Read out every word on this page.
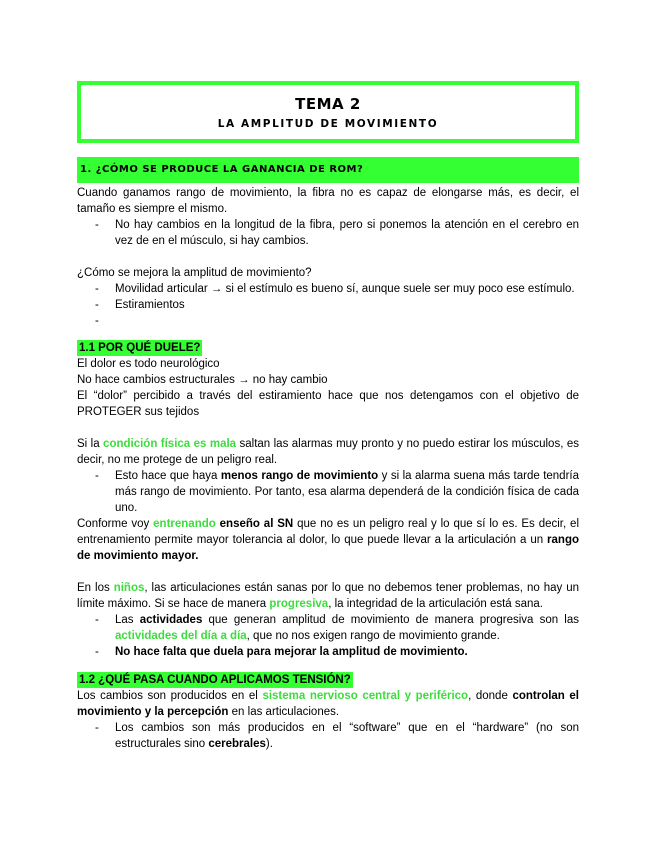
TEMA 2
LA AMPLITUD DE MOVIMIENTO
1. ¿CÓMO SE PRODUCE LA GANANCIA DE ROM?

Cuando ganamos rango de movimiento, la fibra no es capaz de elongarse más, es decir, el tamaño es siempre el mismo.

- No hay cambios en la longitud de la fibra, pero si ponemos la atención en el cerebro en vez de en el músculo, si hay cambios.

¿Cómo se mejora la amplitud de movimiento?

- Movilidad articular → si el estímulo es bueno sí, aunque suele ser muy poco ese estímulo.
- Estiramientos
-
1.1 POR QUÉ DUELE?

El dolor es todo neurológico

No hace cambios estructurales → no hay cambio

El “dolor” percibido a través del estiramiento hace que nos detengamos con el objetivo de PROTEGER sus tejidos

Si la condición física es mala saltan las alarmas muy pronto y no puedo estirar los músculos, es decir, no me protege de un peligro real.

- Esto hace que haya menos rango de movimiento y si la alarma suena más tarde tendría más rango de movimiento. Por tanto, esa alarma dependerá de la condición física de cada uno.

Conforme voy entrenando enseño al SN que no es un peligro real y lo que sí lo es. Es decir, el entrenamiento permite mayor tolerancia al dolor, lo que puede llevar a la articulación a un rango de movimiento mayor.

En los niños, las articulaciones están sanas por lo que no debemos tener problemas, no hay un límite máximo. Si se hace de manera progresiva, la integridad de la articulación está sana.

- Las actividades que generan amplitud de movimiento de manera progresiva son las actividades del día a día, que no nos exigen rango de movimiento grande.
- No hace falta que duela para mejorar la amplitud de movimiento.
1.2 ¿QUÉ PASA CUANDO APLICAMOS TENSIÓN?

Los cambios son producidos en el sistema nervioso central y periférico, donde controlan el movimiento y la percepción en las articulaciones.

- Los cambios son más producidos en el “software” que en el “hardware” (no son estructurales sino cerebrales).
